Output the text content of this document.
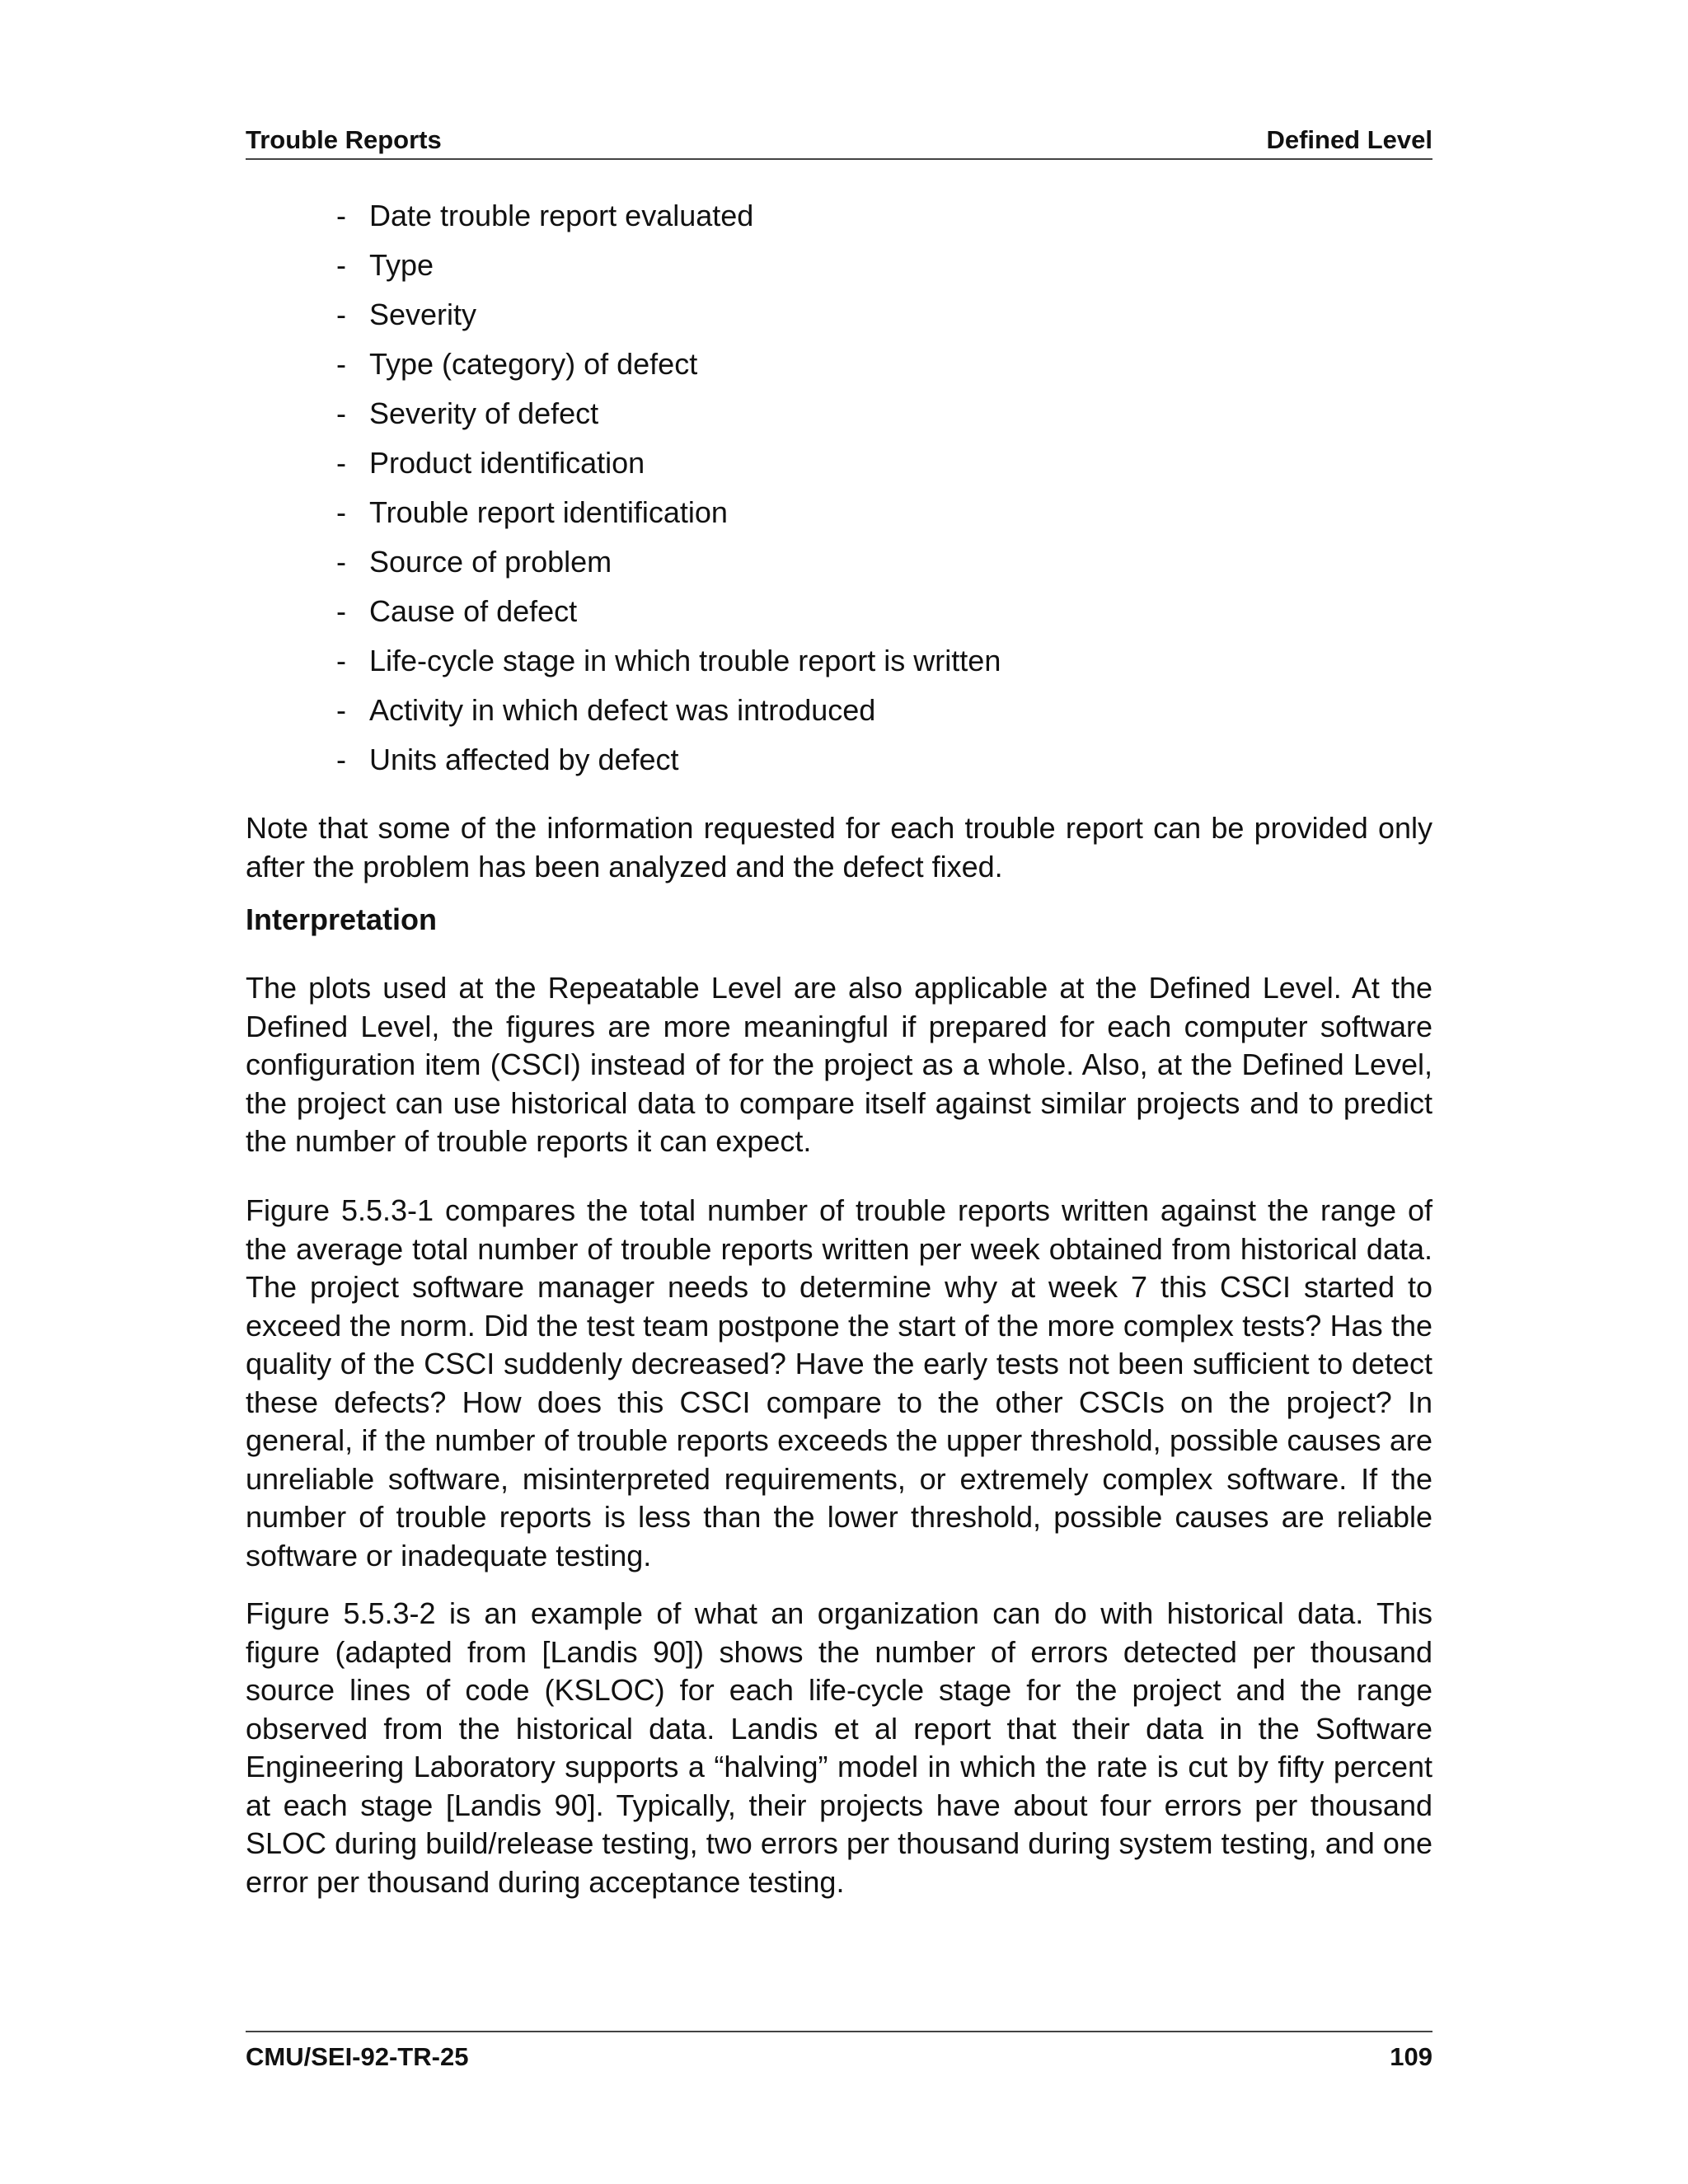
Trouble Reports	Defined Level
- Date trouble report evaluated
- Type
- Severity
- Type (category) of defect
- Severity of defect
- Product identification
- Trouble report identification
- Source of problem
- Cause of defect
- Life-cycle stage in which trouble report is written
- Activity in which defect was introduced
- Units affected by defect

Note that some of the information requested for each trouble report can be provided only after the problem has been analyzed and the defect fixed.

Interpretation

The plots used at the Repeatable Level are also applicable at the Defined Level. At the Defined Level, the figures are more meaningful if prepared for each computer software configuration item (CSCI) instead of for the project as a whole. Also, at the Defined Level, the project can use historical data to compare itself against similar projects and to predict the number of trouble reports it can expect.

Figure 5.5.3-1 compares the total number of trouble reports written against the range of the average total number of trouble reports written per week obtained from historical data. The project software manager needs to determine why at week 7 this CSCI started to exceed the norm. Did the test team postpone the start of the more complex tests? Has the quality of the CSCI suddenly decreased? Have the early tests not been sufficient to detect these defects? How does this CSCI compare to the other CSCIs on the project? In general, if the number of trouble reports exceeds the upper threshold, possible causes are unreliable software, misinterpreted requirements, or extremely complex software. If the number of trouble reports is less than the lower threshold, possible causes are reliable software or inadequate testing.

Figure 5.5.3-2 is an example of what an organization can do with historical data. This figure (adapted from [Landis 90]) shows the number of errors detected per thousand source lines of code (KSLOC) for each life-cycle stage for the project and the range observed from the historical data. Landis et al report that their data in the Software Engineering Laboratory supports a “halving” model in which the rate is cut by fifty percent at each stage [Landis 90]. Typically, their projects have about four errors per thousand SLOC during build/release testing, two errors per thousand during system testing, and one error per thousand during acceptance testing.

CMU/SEI-92-TR-25	109
